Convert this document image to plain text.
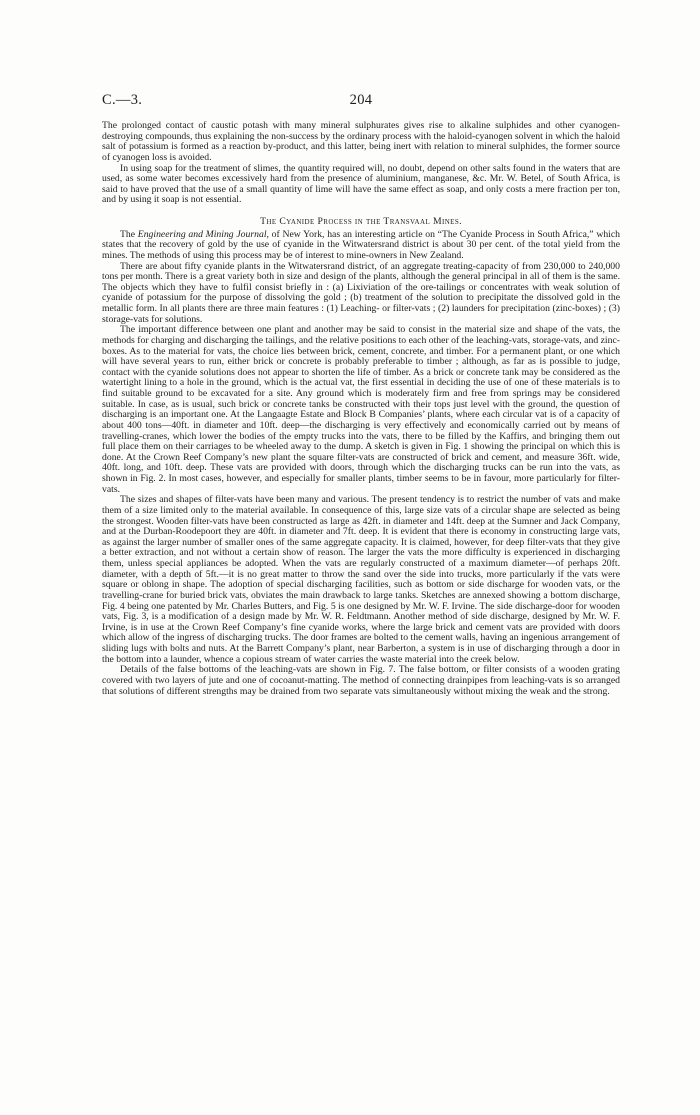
C.—3.	204

The prolonged contact of caustic potash with many mineral sulphurates gives rise to alkaline sulphides and other cyanogen-destroying compounds, thus explaining the non-success by the ordinary process with the haloid-cyanogen solvent in which the haloid salt of potassium is formed as a reaction by-product, and this latter, being inert with relation to mineral sulphides, the former source of cyanogen loss is avoided.

In using soap for the treatment of slimes, the quantity required will, no doubt, depend on other salts found in the waters that are used, as some water becomes excessively hard from the presence of aluminium, manganese, &c. Mr. W. Betel, of South Africa, is said to have proved that the use of a small quantity of lime will have the same effect as soap, and only costs a mere fraction per ton, and by using it soap is not essential.

The Cyanide Process in the Transvaal Mines.

The Engineering and Mining Journal, of New York, has an interesting article on “The Cyanide Process in South Africa,” which states that the recovery of gold by the use of cyanide in the Witwatersrand district is about 30 per cent. of the total yield from the mines. The methods of using this process may be of interest to mine-owners in New Zealand.

There are about fifty cyanide plants in the Witwatersrand district, of an aggregate treating-capacity of from 230,000 to 240,000 tons per month. There is a great variety both in size and design of the plants, although the general principal in all of them is the same. The objects which they have to fulfil consist briefly in : (a) Lixiviation of the ore-tailings or concentrates with weak solution of cyanide of potassium for the purpose of dissolving the gold ; (b) treatment of the solution to precipitate the dissolved gold in the metallic form. In all plants there are three main features : (1) Leaching- or filter-vats ; (2) launders for precipitation (zinc-boxes) ; (3) storage-vats for solutions.

The important difference between one plant and another may be said to consist in the material size and shape of the vats, the methods for charging and discharging the tailings, and the relative positions to each other of the leaching-vats, storage-vats, and zinc-boxes. As to the material for vats, the choice lies between brick, cement, concrete, and timber. For a permanent plant, or one which will have several years to run, either brick or concrete is probably preferable to timber ; although, as far as is possible to judge, contact with the cyanide solutions does not appear to shorten the life of timber. As a brick or concrete tank may be considered as the watertight lining to a hole in the ground, which is the actual vat, the first essential in deciding the use of one of these materials is to find suitable ground to be excavated for a site. Any ground which is moderately firm and free from springs may be considered suitable. In case, as is usual, such brick or concrete tanks be constructed with their tops just level with the ground, the question of discharging is an important one. At the Langaagte Estate and Block B Companies’ plants, where each circular vat is of a capacity of about 400 tons—40ft. in diameter and 10ft. deep—the discharging is very effectively and economically carried out by means of travelling-cranes, which lower the bodies of the empty trucks into the vats, there to be filled by the Kaffirs, and bringing them out full place them on their carriages to be wheeled away to the dump. A sketch is given in Fig. 1 showing the principal on which this is done. At the Crown Reef Company’s new plant the square filter-vats are constructed of brick and cement, and measure 36ft. wide, 40ft. long, and 10ft. deep. These vats are provided with doors, through which the discharging trucks can be run into the vats, as shown in Fig. 2. In most cases, however, and especially for smaller plants, timber seems to be in favour, more particularly for filter-vats.

The sizes and shapes of filter-vats have been many and various. The present tendency is to restrict the number of vats and make them of a size limited only to the material available. In consequence of this, large size vats of a circular shape are selected as being the strongest. Wooden filter-vats have been constructed as large as 42ft. in diameter and 14ft. deep at the Sumner and Jack Company, and at the Durban-Roodepoort they are 40ft. in diameter and 7ft. deep. It is evident that there is economy in constructing large vats, as against the larger number of smaller ones of the same aggregate capacity. It is claimed, however, for deep filter-vats that they give a better extraction, and not without a certain show of reason. The larger the vats the more difficulty is experienced in discharging them, unless special appliances be adopted. When the vats are regularly constructed of a maximum diameter—of perhaps 20ft. diameter, with a depth of 5ft.—it is no great matter to throw the sand over the side into trucks, more particularly if the vats were square or oblong in shape. The adoption of special discharging facilities, such as bottom or side discharge for wooden vats, or the travelling-crane for buried brick vats, obviates the main drawback to large tanks. Sketches are annexed showing a bottom discharge, Fig. 4 being one patented by Mr. Charles Butters, and Fig. 5 is one designed by Mr. W. F. Irvine. The side discharge-door for wooden vats, Fig. 3, is a modification of a design made by Mr. W. R. Feldtmann. Another method of side discharge, designed by Mr. W. F. Irvine, is in use at the Crown Reef Company’s fine cyanide works, where the large brick and cement vats are provided with doors which allow of the ingress of discharging trucks. The door frames are bolted to the cement walls, having an ingenious arrangement of sliding lugs with bolts and nuts. At the Barrett Company’s plant, near Barberton, a system is in use of discharging through a door in the bottom into a launder, whence a copious stream of water carries the waste material into the creek below.

Details of the false bottoms of the leaching-vats are shown in Fig. 7. The false bottom, or filter consists of a wooden grating covered with two layers of jute and one of cocoanut-matting. The method of connecting drainpipes from leaching-vats is so arranged that solutions of different strengths may be drained from two separate vats simultaneously without mixing the weak and the strong.
